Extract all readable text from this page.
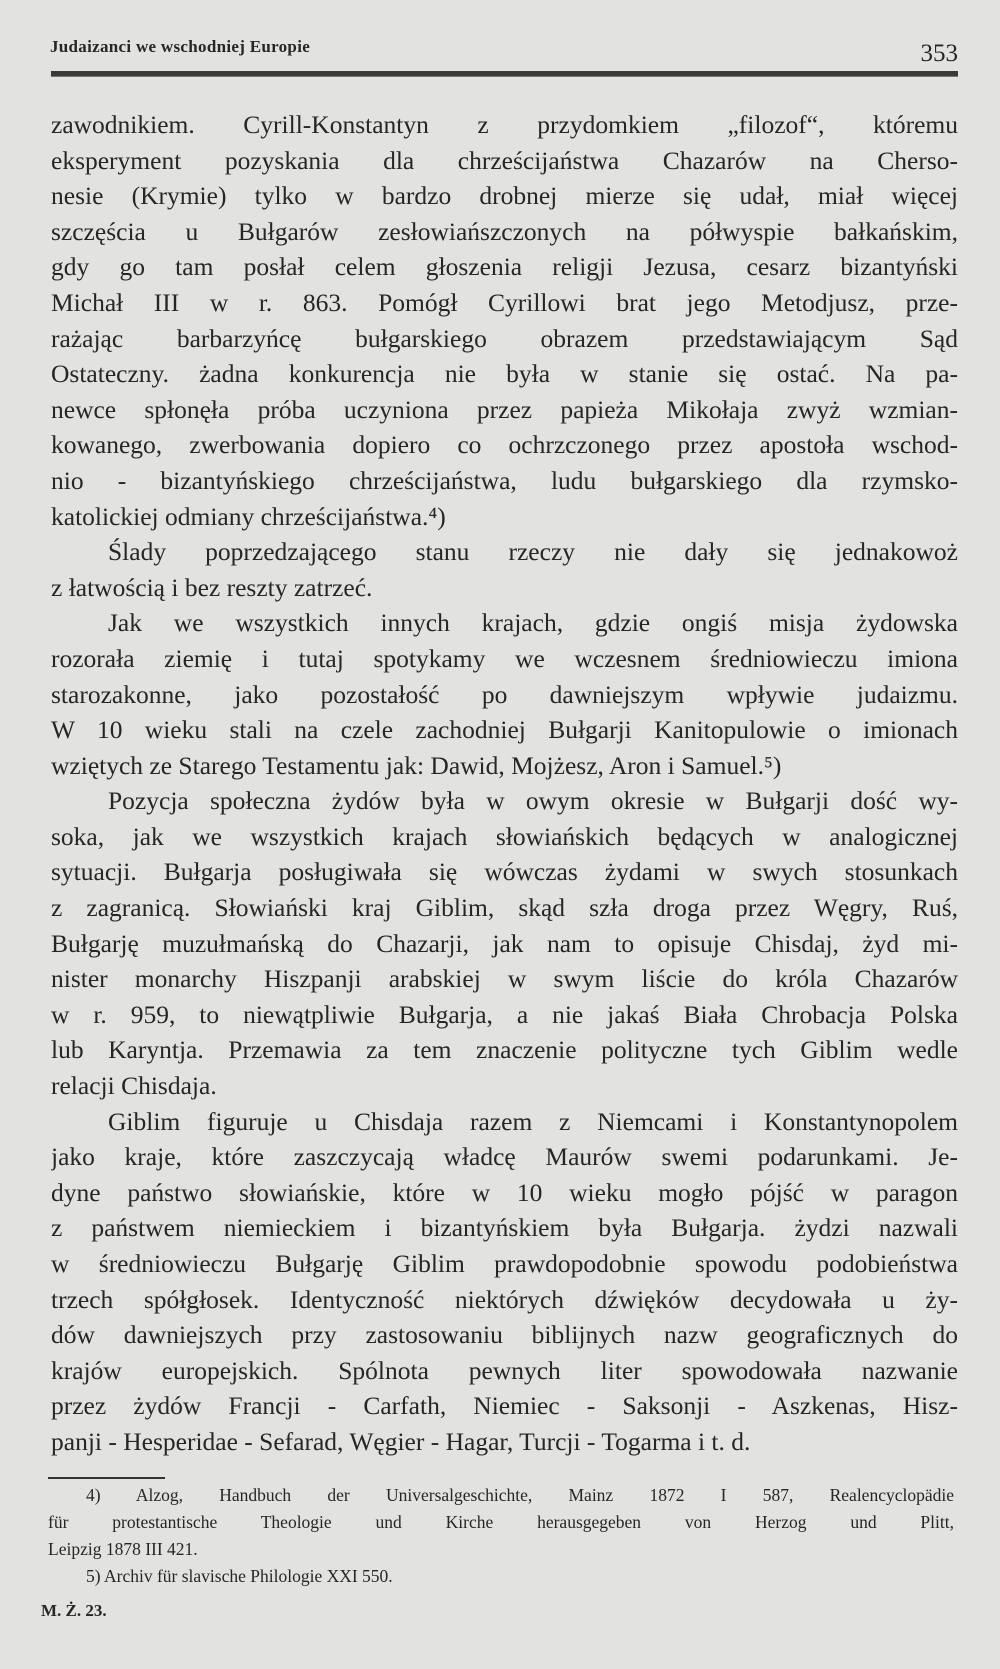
Judaizanci we wschodniej Europie	353
zawodnikiem. Cyrill-Konstantyn z przydomkiem „filozof“, któremu
eksperyment pozyskania dla chrześcijaństwa Chazarów na Cherso-
nesie (Krymie) tylko w bardzo drobnej mierze się udał, miał więcej
szczęścia u Bułgarów zesłowiańszczonych na półwyspie bałkańskim,
gdy go tam posłał celem głoszenia religji Jezusa, cesarz bizantyński
Michał III w r. 863. Pomógł Cyrillowi brat jego Metodjusz, prze-
rażając barbarzyńcę bułgarskiego obrazem przedstawiającym Sąd
Ostateczny. żadna konkurencja nie była w stanie się ostać. Na pa-
newce spłonęła próba uczyniona przez papieża Mikołaja zwyż wzmian-
kowanego, zwerbowania dopiero co ochrzczonego przez apostoła wschod-
nio - bizantyńskiego chrześcijaństwa, ludu bułgarskiego dla rzymsko-
katolickiej odmiany chrześcijaństwa.⁴)
Ślady poprzedzającego stanu rzeczy nie dały się jednakowoż
z łatwością i bez reszty zatrzeć.
Jak we wszystkich innych krajach, gdzie ongiś misja żydowska
rozorała ziemię i tutaj spotykamy we wczesnem średniowieczu imiona
starozakonne, jako pozostałość po dawniejszym wpływie judaizmu.
W 10 wieku stali na czele zachodniej Bułgarji Kanitopulowie o imionach
wziętych ze Starego Testamentu jak: Dawid, Mojżesz, Aron i Samuel.⁵)
Pozycja społeczna żydów była w owym okresie w Bułgarji dość wy-
soka, jak we wszystkich krajach słowiańskich będących w analogicznej
sytuacji. Bułgarja posługiwała się wówczas żydami w swych stosunkach
z zagranicą. Słowiański kraj Giblim, skąd szła droga przez Węgry, Ruś,
Bułgarję muzułmańską do Chazarji, jak nam to opisuje Chisdaj, żyd mi-
nister monarchy Hiszpanji arabskiej w swym liście do króla Chazarów
w r. 959, to niewątpliwie Bułgarja, a nie jakaś Biała Chrobacja Polska
lub Karyntja. Przemawia za tem znaczenie polityczne tych Giblim wedle
relacji Chisdaja.
Giblim figuruje u Chisdaja razem z Niemcami i Konstantynopolem
jako kraje, które zaszczycają władcę Maurów swemi podarunkami. Je-
dyne państwo słowiańskie, które w 10 wieku mogło pójść w paragon
z państwem niemieckiem i bizantyńskiem była Bułgarja. żydzi nazwali
w średniowieczu Bułgarję Giblim prawdopodobnie spowodu podobieństwa
trzech spółgłosek. Identyczność niektórych dźwięków decydowała u ży-
dów dawniejszych przy zastosowaniu biblijnych nazw geograficznych do
krajów europejskich. Spólnota pewnych liter spowodowała nazwanie
przez żydów Francji - Carfath, Niemiec - Saksonji - Aszkenas, Hisz-
panji - Hesperidae - Sefarad, Węgier - Hagar, Turcji - Togarma i t. d.
4) Alzog, Handbuch der Universalgeschichte, Mainz 1872 I 587, Realencyclopädie
für protestantische Theologie und Kirche herausgegeben von Herzog und Plitt,
Leipzig 1878 III 421.
5) Archiv für slavische Philologie XXI 550.
M. Ż. 23.
